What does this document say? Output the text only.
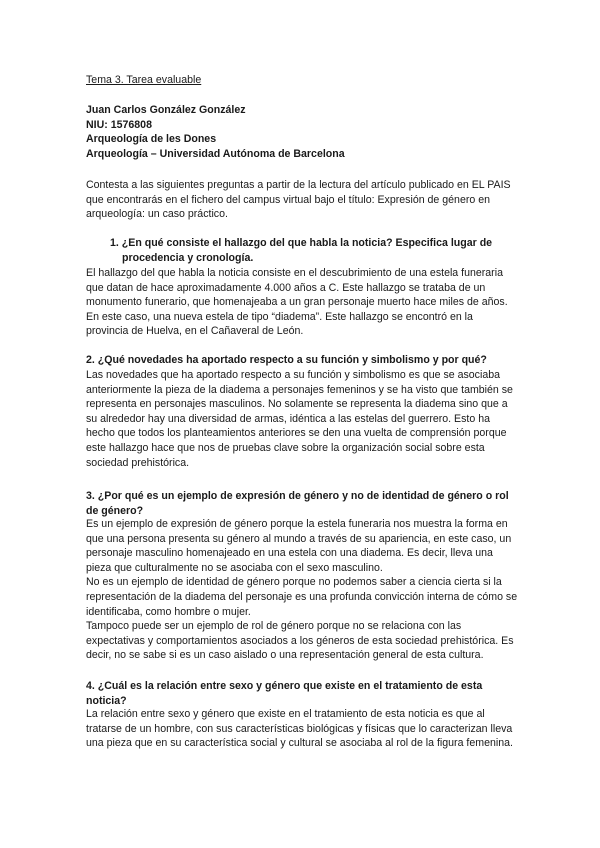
Tema 3. Tarea evaluable

Juan Carlos González González
NIU: 1576808
Arqueología de les Dones
Arqueología – Universidad Autónoma de Barcelona

Contesta a las siguientes preguntas a partir de la lectura del artículo publicado en EL PAIS que encontrarás en el fichero del campus virtual bajo el título: Expresión de género en arqueología: un caso práctico.

1. ¿En qué consiste el hallazgo del que habla la noticia? Especifica lugar de procedencia y cronología.

El hallazgo del que habla la noticia consiste en el descubrimiento de una estela funeraria que datan de hace aproximadamente 4.000 años a C. Este hallazgo se trataba de un monumento funerario, que homenajeaba a un gran personaje muerto hace miles de años. En este caso, una nueva estela de tipo “diadema”. Este hallazgo se encontró en la provincia de Huelva, en el Cañaveral de León.

2. ¿Qué novedades ha aportado respecto a su función y simbolismo y por qué?

Las novedades que ha aportado respecto a su función y simbolismo es que se asociaba anteriormente la pieza de la diadema a personajes femeninos y se ha visto que también se representa en personajes masculinos. No solamente se representa la diadema sino que a su alrededor hay una diversidad de armas, idéntica a las estelas del guerrero. Esto ha hecho que todos los planteamientos anteriores se den una vuelta de comprensión porque este hallazgo hace que nos de pruebas clave sobre la organización social sobre esta sociedad prehistórica.

3. ¿Por qué es un ejemplo de expresión de género y no de identidad de género o rol de género?

Es un ejemplo de expresión de género porque la estela funeraria nos muestra la forma en que una persona presenta su género al mundo a través de su apariencia, en este caso, un personaje masculino homenajeado en una estela con una diadema. Es decir, lleva una pieza que culturalmente no se asociaba con el sexo masculino.

No es un ejemplo de identidad de género porque no podemos saber a ciencia cierta si la representación de la diadema del personaje es una profunda convicción interna de cómo se identificaba, como hombre o mujer.

Tampoco puede ser un ejemplo de rol de género porque no se relaciona con las expectativas y comportamientos asociados a los géneros de esta sociedad prehistórica. Es decir, no se sabe si es un caso aislado o una representación general de esta cultura.

4. ¿Cuál es la relación entre sexo y género que existe en el tratamiento de esta noticia?

La relación entre sexo y género que existe en el tratamiento de esta noticia es que al tratarse de un hombre, con sus características biológicas y físicas que lo caracterizan lleva una pieza que en su característica social y cultural se asociaba al rol de la figura femenina.
